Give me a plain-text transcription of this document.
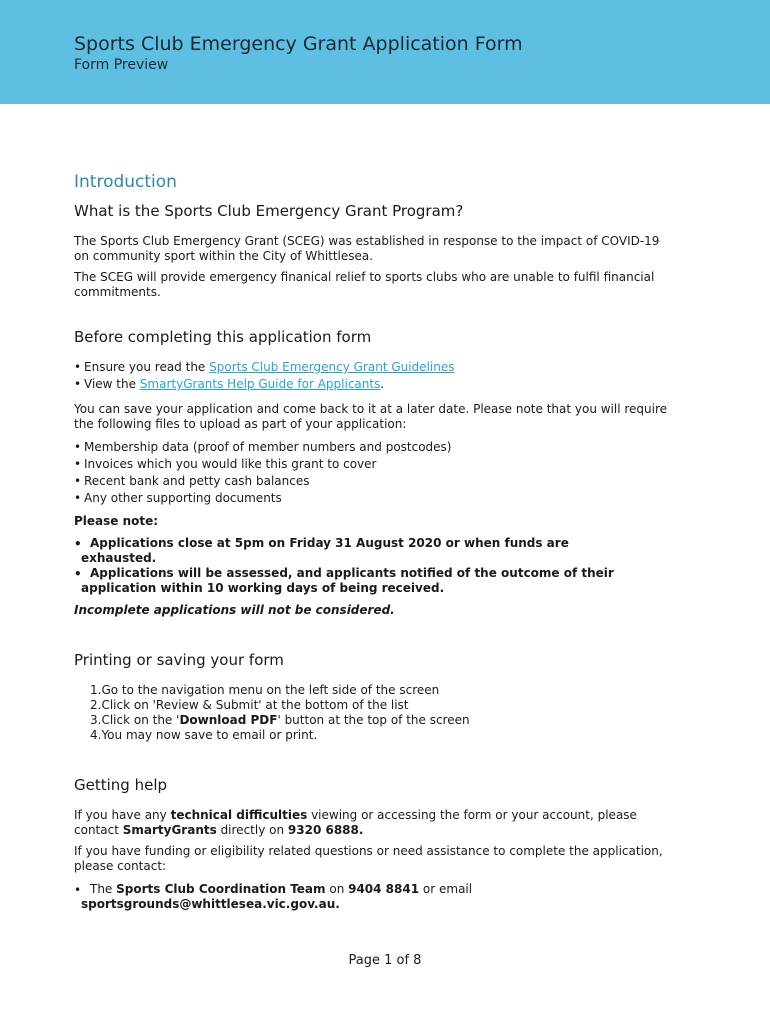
Sports Club Emergency Grant Application Form
Form Preview
Introduction
What is the Sports Club Emergency Grant Program?
The Sports Club Emergency Grant (SCEG) was established in response to the impact of COVID-19 on community sport within the City of Whittlesea.
The SCEG will provide emergency finanical relief to sports clubs who are unable to fulfil financial commitments.
Before completing this application form
• Ensure you read the Sports Club Emergency Grant Guidelines
• View the SmartyGrants Help Guide for Applicants.
You can save your application and come back to it at a later date. Please note that you will require the following files to upload as part of your application:
• Membership data (proof of member numbers and postcodes)
• Invoices which you would like this grant to cover
• Recent bank and petty cash balances
• Any other supporting documents
Please note:
• Applications close at 5pm on Friday 31 August 2020 or when funds are
exhausted.
• Applications will be assessed, and applicants notified of the outcome of their
application within 10 working days of being received.
Incomplete applications will not be considered.
Printing or saving your form
1.Go to the navigation menu on the left side of the screen
2.Click on 'Review & Submit' at the bottom of the list
3.Click on the 'Download PDF' button at the top of the screen
4.You may now save to email or print.
Getting help
If you have any technical difficulties viewing or accessing the form or your account, please contact SmartyGrants directly on 9320 6888.
If you have funding or eligibility related questions or need assistance to complete the application, please contact:
• The Sports Club Coordination Team on 9404 8841 or email
sportsgrounds@whittlesea.vic.gov.au.
Page 1 of 8
